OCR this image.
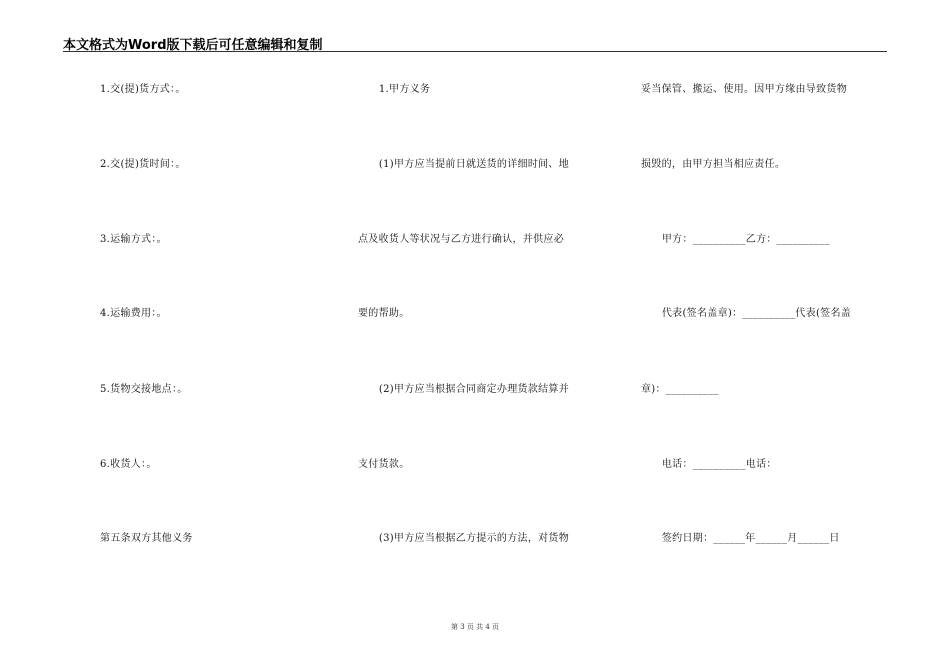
本文格式为Word版下载后可任意编辑和复制
1.交(提)货方式：。
2.交(提)货时间：。
3.运输方式：。
4.运输费用：。
5.货物交接地点：。
6.收货人：。
第五条双方其他义务
1.甲方义务
(1)甲方应当提前日就送货的详细时间、地
点及收货人等状况与乙方进行确认，并供应必
要的帮助。
(2)甲方应当根据合同商定办理货款结算并
支付货款。
(3)甲方应当根据乙方提示的方法，对货物
妥当保管、搬运、使用。因甲方缘由导致货物
损毁的，由甲方担当相应责任。
甲方：__________乙方：__________
代表(签名盖章)：__________代表(签名盖
章)：__________
电话：__________电话：
签约日期：______年______月______日
第 3 页 共 4 页
